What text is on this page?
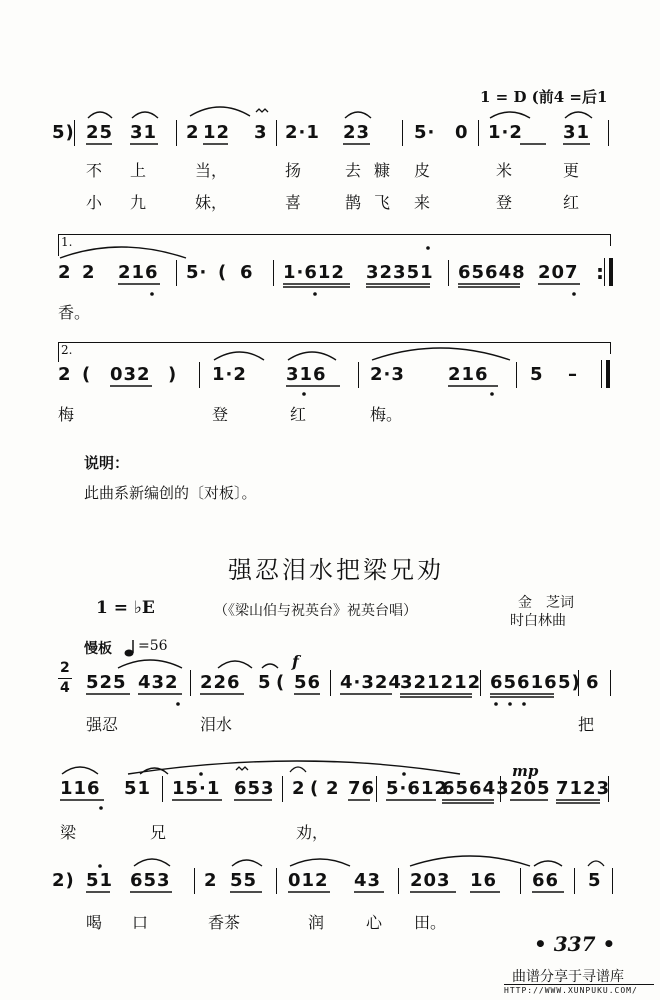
1 = D (前4 =后1
5) 25 31 2 12 3 2·1 23 5· 0 1·2 31
不 上	当，	扬	去 糠 皮	米	更
小 九	妹，	喜	鹊 飞 来	登	红
1.
2 2 216 5· ( 6 1·612 32351 65648 207
香。
:
2.
2 ( 032 ) 1·2 316 2·3 216 5 –
梅	登	红	梅。
说明：
此曲系新编创的〔对板〕。
强忍泪水把梁兄劝
1 = ♭E	（《梁山伯与祝英台》祝英台唱）	金　芝词
时白林曲
慢板 =56
2
4
f
525 432 226 5 ( 56 4·324
321212 65616 5) 6
强忍	泪水	把
mp
116 51 15·1 653 2 ( 2 76 5·612
65643 205 7123
梁	兄	劝，
2) 51 653 2 55 012 43 203 16 66 5
喝 口	香茶	润	心 田。
• 337 •
曲谱分享于寻谱库
HTTP://WWW.XUNPUKU.COM/
